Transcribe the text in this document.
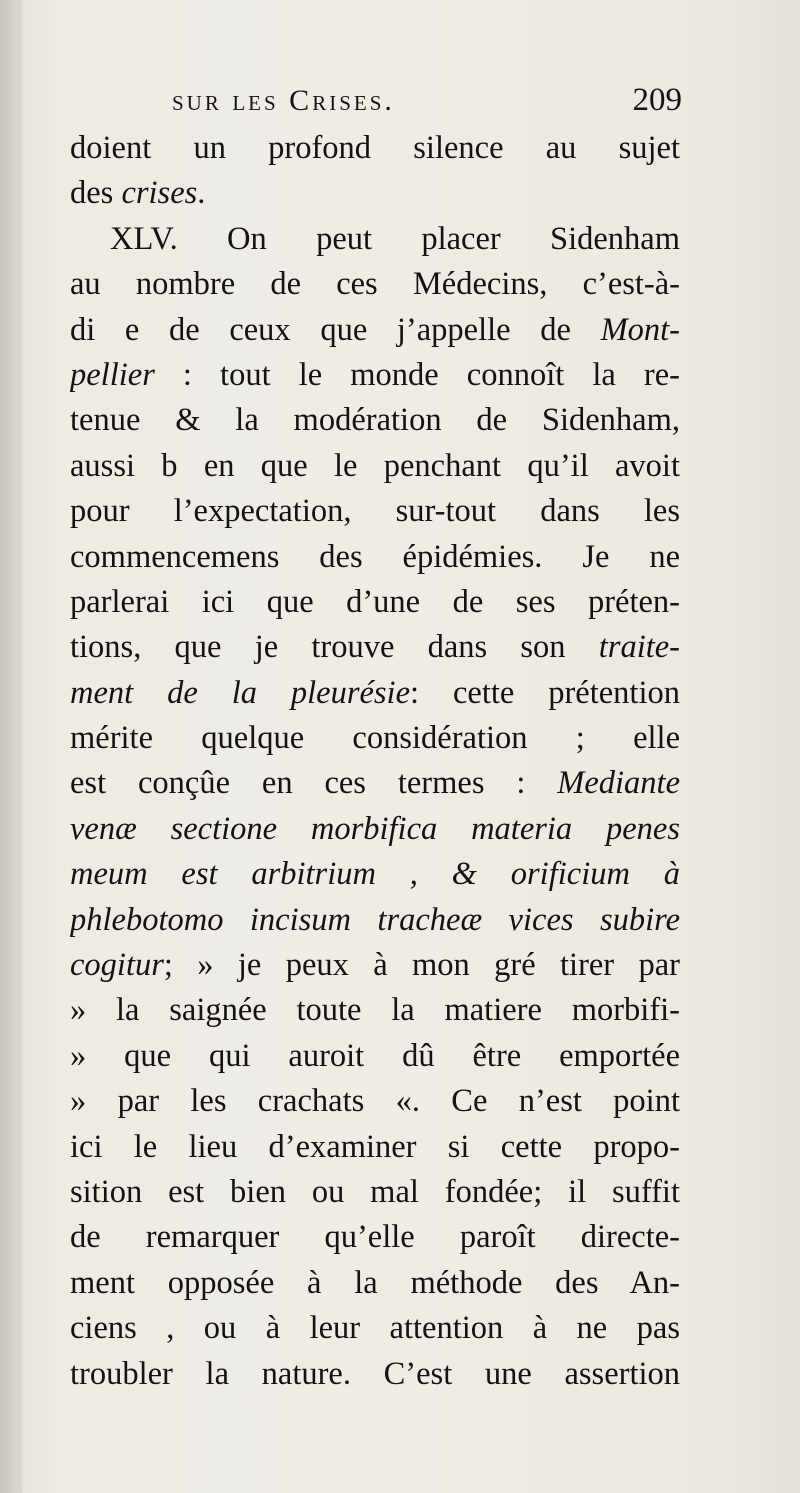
sur les Crises.	209
doient un profond silence au sujet
des crises.
XLV. On peut placer Sidenham
au nombre de ces Médecins, c’est-à-
di e de ceux que j’appelle de Mont-
pellier : tout le monde connoît la re-
tenue & la modération de Sidenham,
aussi b en que le penchant qu’il avoit
pour l’expectation, sur-tout dans les
commencemens des épidémies. Je ne
parlerai ici que d’une de ses préten-
tions, que je trouve dans son traite-
ment de la pleurésie: cette prétention
mérite quelque considération ; elle
est conçûe en ces termes : Mediante
venæ sectione morbifica materia penes
meum est arbitrium , & orificium à
phlebotomo incisum tracheæ vices subire
cogitur; » je peux à mon gré tirer par
» la saignée toute la matiere morbifi-
» que qui auroit dû être emportée
» par les crachats «. Ce n’est point
ici le lieu d’examiner si cette propo-
sition est bien ou mal fondée; il suffit
de remarquer qu’elle paroît directe-
ment opposée à la méthode des An-
ciens , ou à leur attention à ne pas
troubler la nature. C’est une assertion
